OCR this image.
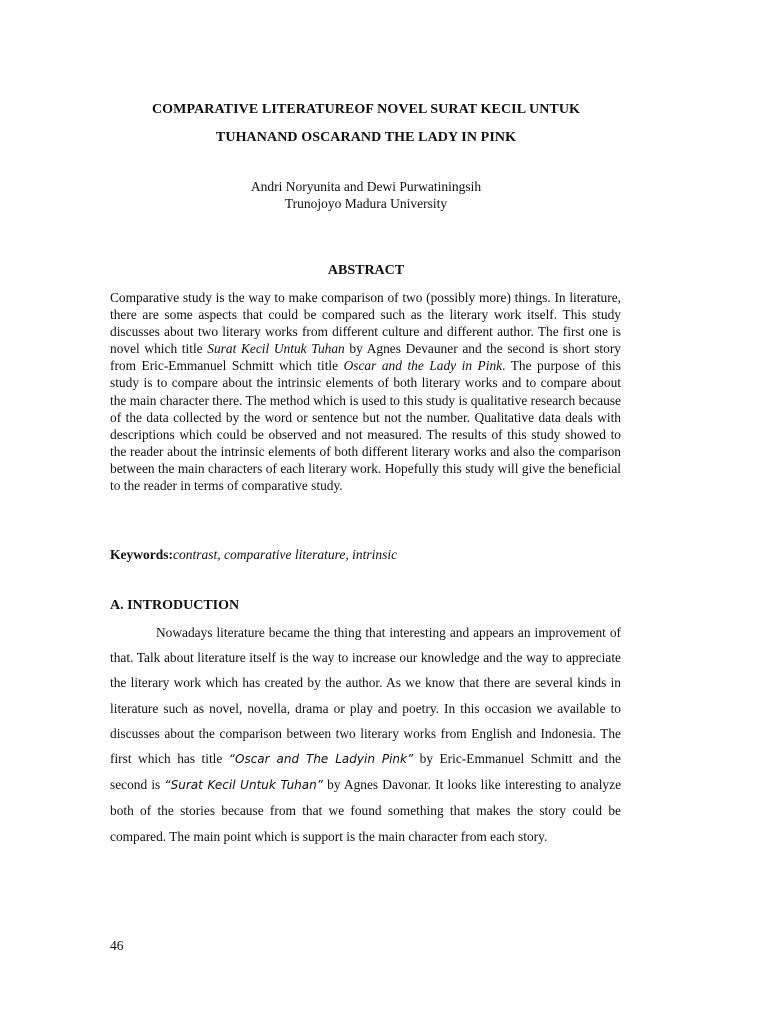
COMPARATIVE LITERATUREOF NOVEL SURAT KECIL UNTUK
TUHANAND OSCARAND THE LADY IN PINK
Andri Noryunita and Dewi Purwatiningsih
Trunojoyo Madura University
ABSTRACT
Comparative study is the way to make comparison of two (possibly more) things. In literature, there are some aspects that could be compared such as the literary work itself. This study discusses about two literary works from different culture and different author. The first one is novel which title Surat Kecil Untuk Tuhan by Agnes Devauner and the second is short story from Eric-Emmanuel Schmitt which title Oscar and the Lady in Pink. The purpose of this study is to compare about the intrinsic elements of both literary works and to compare about the main character there. The method which is used to this study is qualitative research because of the data collected by the word or sentence but not the number. Qualitative data deals with descriptions which could be observed and not measured. The results of this study showed to the reader about the intrinsic elements of both different literary works and also the comparison between the main characters of each literary work. Hopefully this study will give the beneficial to the reader in terms of comparative study.
Keywords:contrast, comparative literature, intrinsic
A. INTRODUCTION
Nowadays literature became the thing that interesting and appears an improvement of that. Talk about literature itself is the way to increase our knowledge and the way to appreciate the literary work which has created by the author. As we know that there are several kinds in literature such as novel, novella, drama or play and poetry. In this occasion we available to discusses about the comparison between two literary works from English and Indonesia. The first which has title “Oscar and The Ladyin Pink” by Eric-Emmanuel Schmitt and the second is “Surat Kecil Untuk Tuhan” by Agnes Davonar. It looks like interesting to analyze both of the stories because from that we found something that makes the story could be compared. The main point which is support is the main character from each story.
46
